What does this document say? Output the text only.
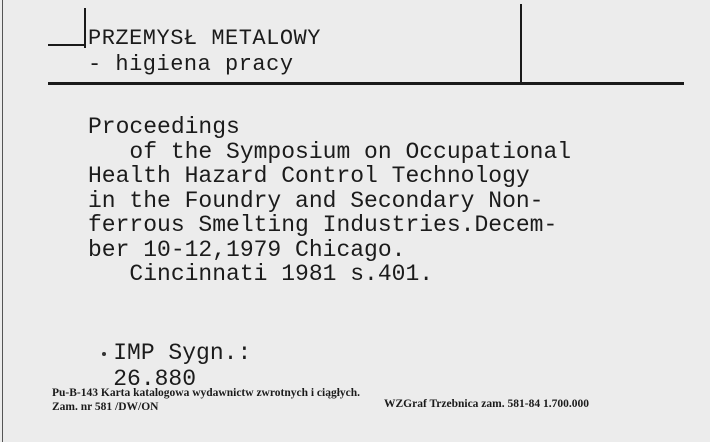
PRZEMYSŁ METALOWY
- higiena pracy
Proceedings
of the Symposium on Occupational
Health Hazard Control Technology
in the Foundry and Secondary Non-
ferrous Smelting Industries.Decem-
ber 10-12,1979 Chicago.
Cincinnati 1981 s.401.

IMP Sygn.:
26.880

Pu-B-143 Karta katalogowa wydawnictw zwrotnych i ciągłych.
Zam. nr 581 /DW/ON	WZGraf Trzebnica zam. 581-84 1.700.000
